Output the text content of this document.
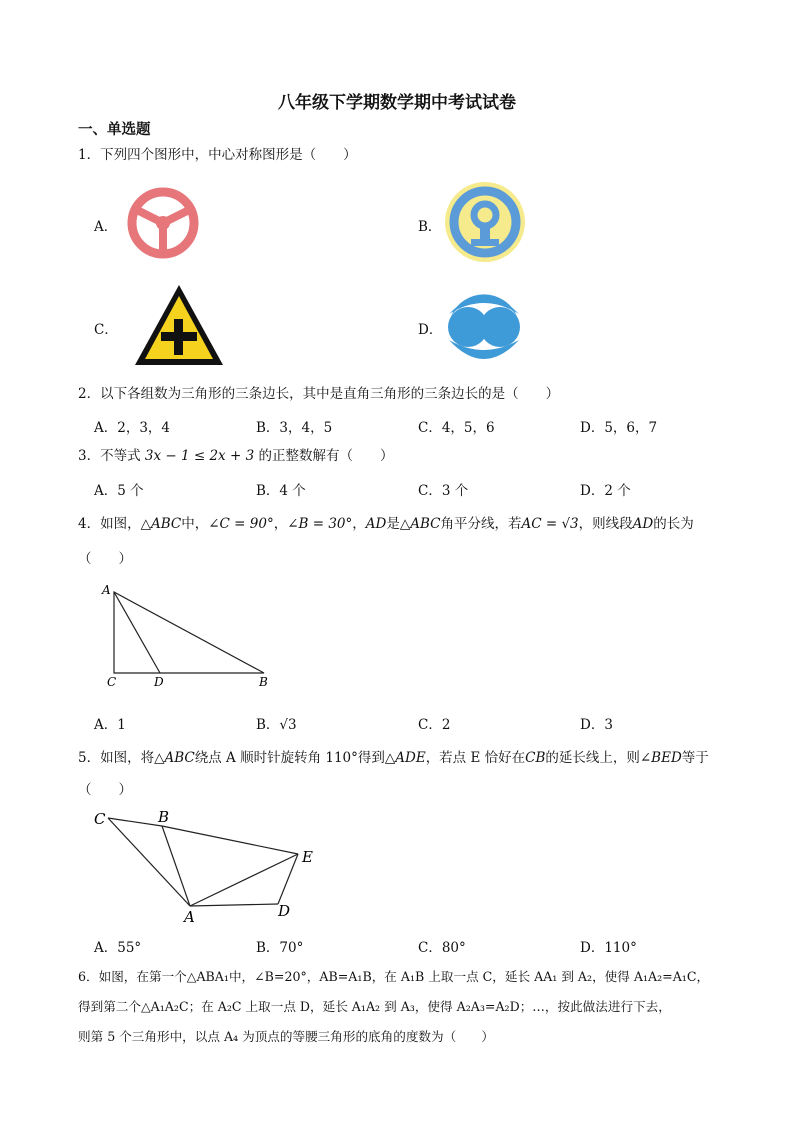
八年级下学期数学期中考试试卷
一、单选题
1．下列四个图形中，中心对称图形是（　　）
A．	B．
C．	D．
2．以下各组数为三角形的三条边长，其中是直角三角形的三条边长的是（　　）
A．2，3，4	B．3，4，5	C．4，5，6	D．5，6，7
3．不等式 3x − 1 ≤ 2x + 3 的正整数解有（　　）
A．5 个	B．4 个	C．3 个	D．2 个
4．如图，△ABC中，∠C = 90°，∠B = 30°，AD是△ABC角平分线，若AC = √3，则线段AD的长为
（　　）
A
C	D	B
A．1	B．√3	C．2	D．3
5．如图，将△ABC绕点 A 顺时针旋转角 110°得到△ADE，若点 E 恰好在CB的延长线上，则∠BED等于
（　　）
C	B
E
A	D
A．55°	B．70°	C．80°	D．110°
6．如图，在第一个△ABA₁中，∠B=20°，AB=A₁B，在 A₁B 上取一点 C，延长 AA₁ 到 A₂，使得 A₁A₂=A₁C，
得到第二个△A₁A₂C；在 A₂C 上取一点 D，延长 A₁A₂ 到 A₃，使得 A₂A₃=A₂D；…，按此做法进行下去，
则第 5 个三角形中，以点 A₄ 为顶点的等腰三角形的底角的度数为（　　）
